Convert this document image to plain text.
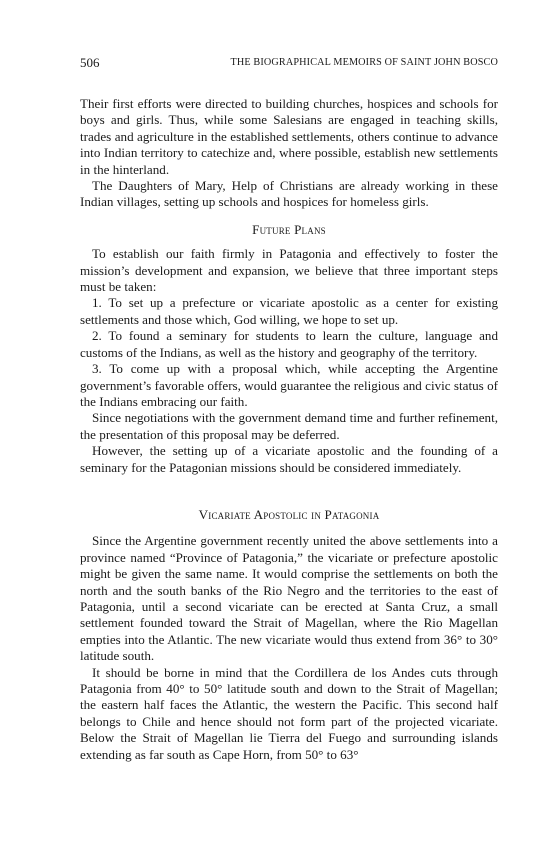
506	THE BIOGRAPHICAL MEMOIRS OF SAINT JOHN BOSCO

Their first efforts were directed to building churches, hospices and schools for boys and girls. Thus, while some Salesians are engaged in teaching skills, trades and agriculture in the established settlements, others continue to advance into Indian territory to catechize and, where possible, establish new settlements in the hinterland.

The Daughters of Mary, Help of Christians are already working in these Indian villages, setting up schools and hospices for homeless girls.

Future Plans

To establish our faith firmly in Patagonia and effectively to foster the mission’s development and expansion, we believe that three important steps must be taken:

1. To set up a prefecture or vicariate apostolic as a center for existing settlements and those which, God willing, we hope to set up.

2. To found a seminary for students to learn the culture, language and customs of the Indians, as well as the history and geography of the territory.

3. To come up with a proposal which, while accepting the Argentine government’s favorable offers, would guarantee the religious and civic status of the Indians embracing our faith.

Since negotiations with the government demand time and further refinement, the presentation of this proposal may be deferred.

However, the setting up of a vicariate apostolic and the founding of a seminary for the Patagonian missions should be considered immediately.

Vicariate Apostolic in Patagonia

Since the Argentine government recently united the above settlements into a province named “Province of Patagonia,” the vicariate or prefecture apostolic might be given the same name. It would comprise the settlements on both the north and the south banks of the Rio Negro and the territories to the east of Patagonia, until a second vicariate can be erected at Santa Cruz, a small settlement founded toward the Strait of Magellan, where the Rio Magellan empties into the Atlantic. The new vicariate would thus extend from 36° to 30° latitude south.

It should be borne in mind that the Cordillera de los Andes cuts through Patagonia from 40° to 50° latitude south and down to the Strait of Magellan; the eastern half faces the Atlantic, the western the Pacific. This second half belongs to Chile and hence should not form part of the projected vicariate. Below the Strait of Magellan lie Tierra del Fuego and surrounding islands extending as far south as Cape Horn, from 50° to 63°
